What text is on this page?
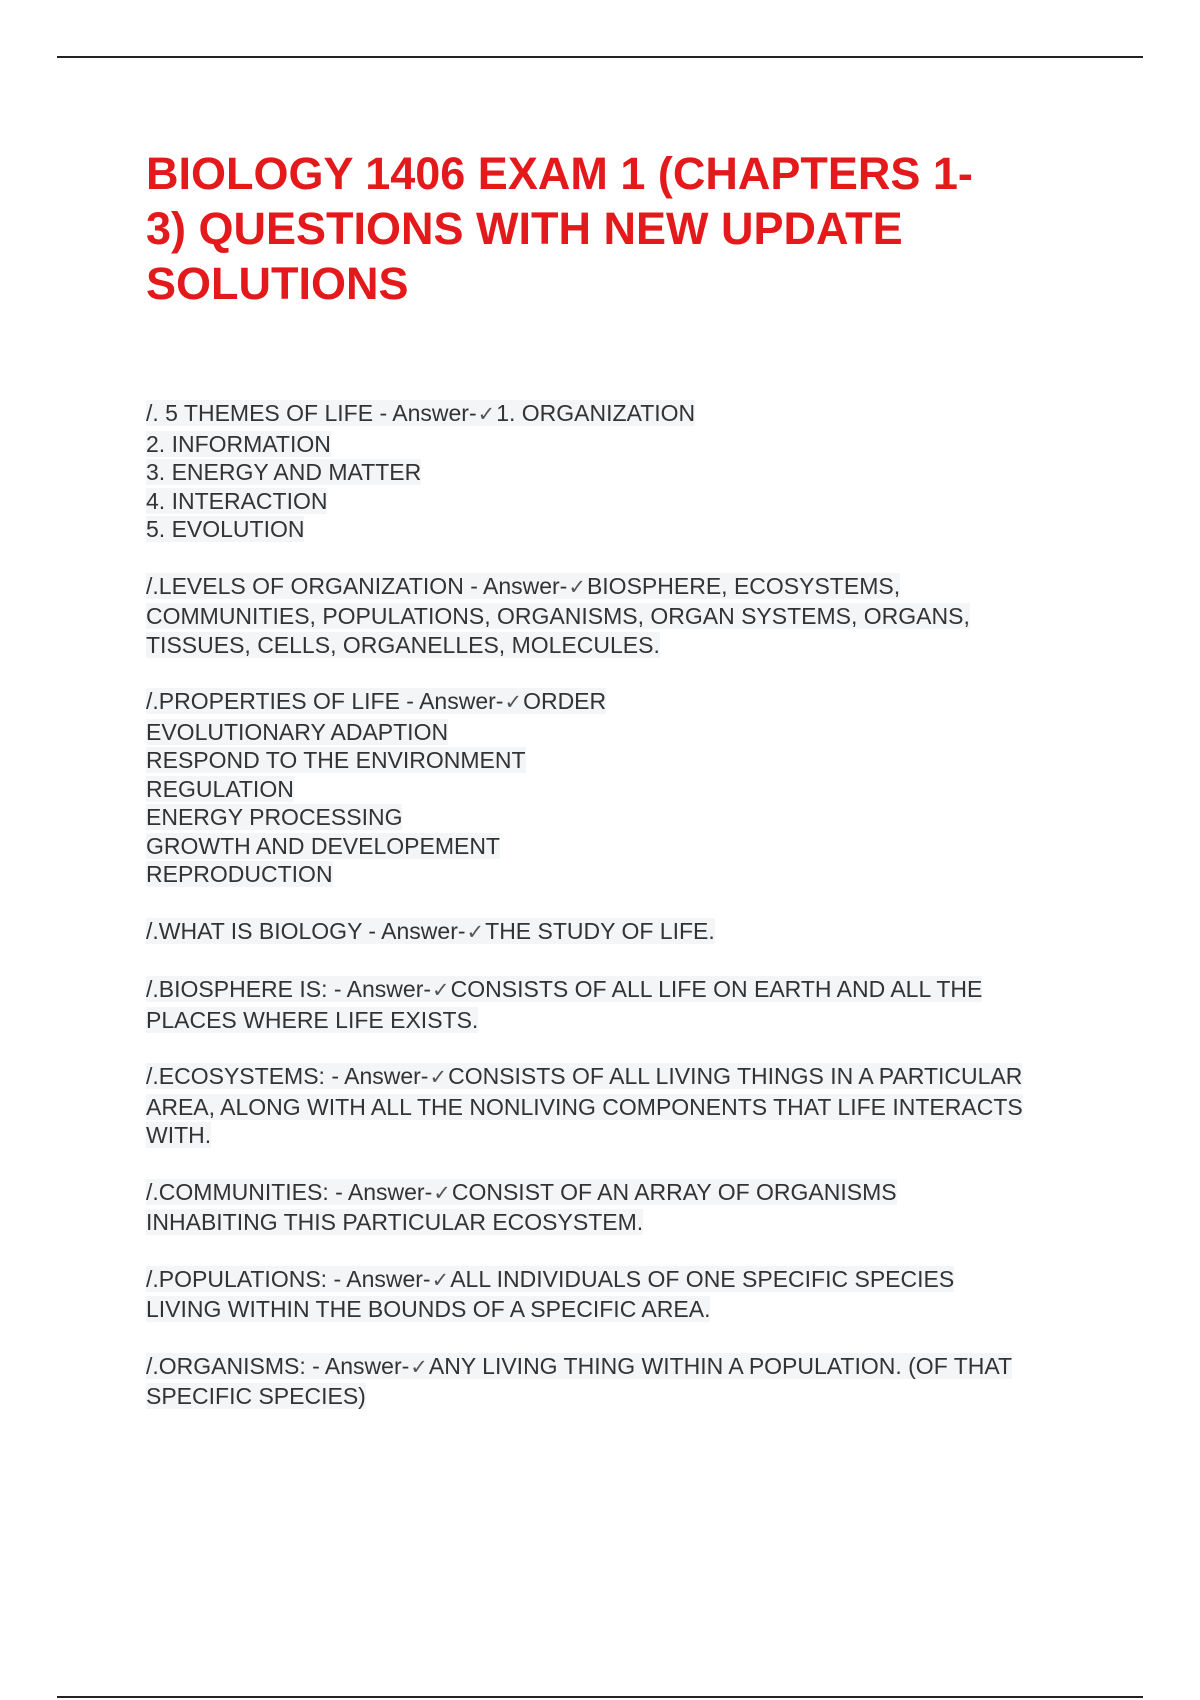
BIOLOGY 1406 EXAM 1 (CHAPTERS 1-
3) QUESTIONS WITH NEW UPDATE
SOLUTIONS
/. 5 THEMES OF LIFE - Answer-✓1. ORGANIZATION
2. INFORMATION
3. ENERGY AND MATTER
4. INTERACTION
5. EVOLUTION
/.LEVELS OF ORGANIZATION - Answer-✓BIOSPHERE, ECOSYSTEMS,
COMMUNITIES, POPULATIONS, ORGANISMS, ORGAN SYSTEMS, ORGANS,
TISSUES, CELLS, ORGANELLES, MOLECULES.
/.PROPERTIES OF LIFE - Answer-✓ORDER
EVOLUTIONARY ADAPTION
RESPOND TO THE ENVIRONMENT
REGULATION
ENERGY PROCESSING
GROWTH AND DEVELOPEMENT
REPRODUCTION
/.WHAT IS BIOLOGY - Answer-✓THE STUDY OF LIFE.
/.BIOSPHERE IS: - Answer-✓CONSISTS OF ALL LIFE ON EARTH AND ALL THE
PLACES WHERE LIFE EXISTS.
/.ECOSYSTEMS: - Answer-✓CONSISTS OF ALL LIVING THINGS IN A PARTICULAR
AREA, ALONG WITH ALL THE NONLIVING COMPONENTS THAT LIFE INTERACTS
WITH.
/.COMMUNITIES: - Answer-✓CONSIST OF AN ARRAY OF ORGANISMS
INHABITING THIS PARTICULAR ECOSYSTEM.
/.POPULATIONS: - Answer-✓ALL INDIVIDUALS OF ONE SPECIFIC SPECIES
LIVING WITHIN THE BOUNDS OF A SPECIFIC AREA.
/.ORGANISMS: - Answer-✓ANY LIVING THING WITHIN A POPULATION. (OF THAT
SPECIFIC SPECIES)
